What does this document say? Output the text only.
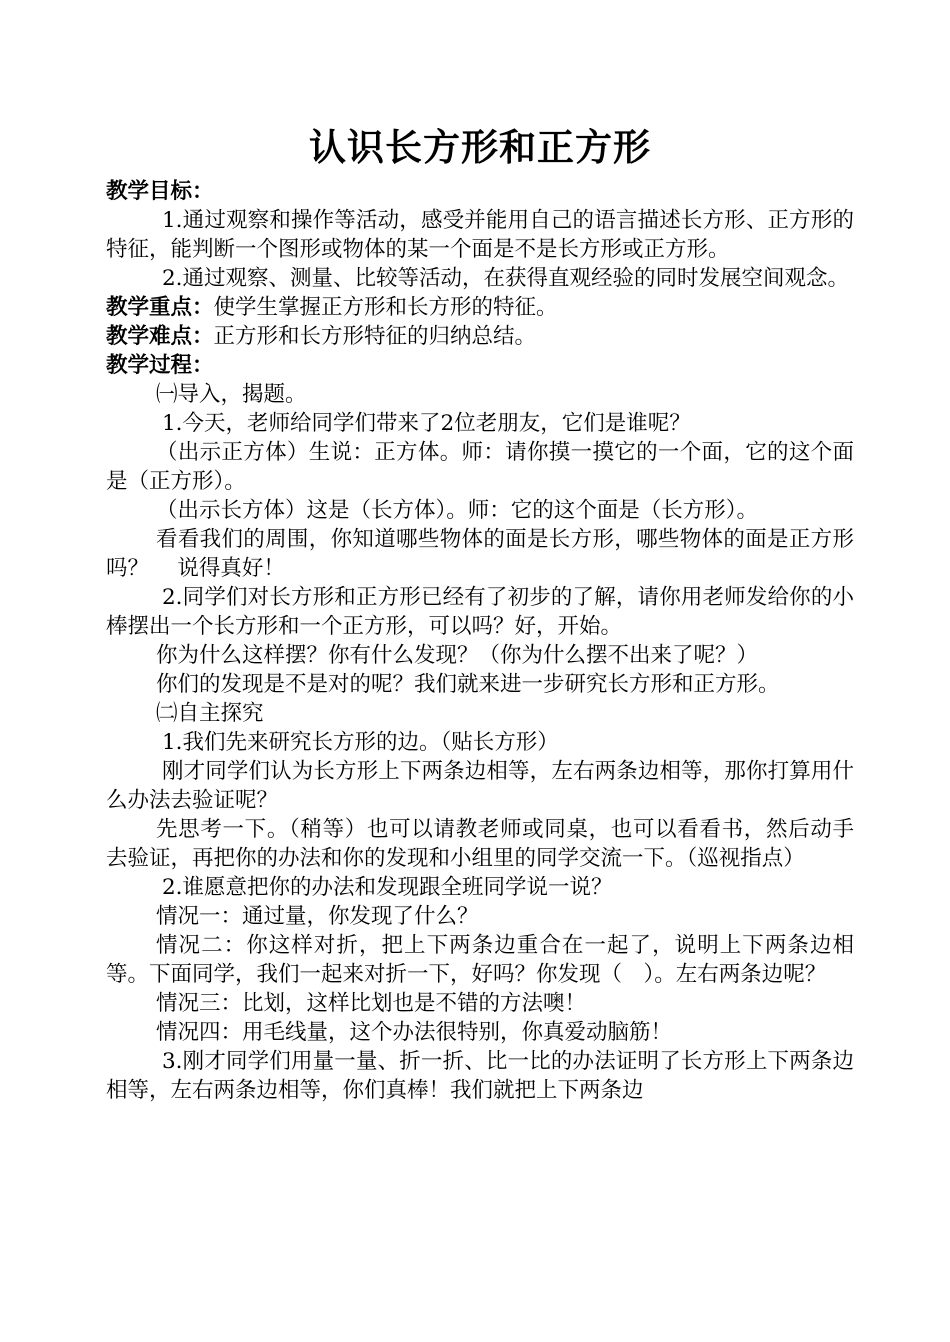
认识长方形和正方形

教学目标：

1.通过观察和操作等活动，感受并能用自己的语言描述长方形、正方形的特征，能判断一个图形或物体的某一个面是不是长方形或正方形。

2.通过观察、测量、比较等活动，在获得直观经验的同时发展空间观念。

教学重点：使学生掌握正方形和长方形的特征。

教学难点：正方形和长方形特征的归纳总结。

教学过程：

㈠导入，揭题。

1.今天，老师给同学们带来了2位老朋友，它们是谁呢？

（出示正方体）生说：正方体。师：请你摸一摸它的一个面，它的这个面是（正方形）。

（出示长方体）这是（长方体）。师：它的这个面是（长方形）。

看看我们的周围，你知道哪些物体的面是长方形，哪些物体的面是正方形吗？　 说得真好！

2.同学们对长方形和正方形已经有了初步的了解，请你用老师发给你的小棒摆出一个长方形和一个正方形，可以吗？好，开始。

你为什么这样摆？你有什么发现？（你为什么摆不出来了呢？）

你们的发现是不是对的呢？我们就来进一步研究长方形和正方形。

㈡自主探究

1.我们先来研究长方形的边。（贴长方形）

刚才同学们认为长方形上下两条边相等，左右两条边相等，那你打算用什么办法去验证呢？

先思考一下。（稍等）也可以请教老师或同桌，也可以看看书，然后动手去验证，再把你的办法和你的发现和小组里的同学交流一下。（巡视指点）

2.谁愿意把你的办法和发现跟全班同学说一说？

情况一：通过量，你发现了什么？

情况二：你这样对折，把上下两条边重合在一起了，说明上下两条边相等。下面同学，我们一起来对折一下，好吗？你发现（　）。左右两条边呢？

情况三：比划，这样比划也是不错的方法噢！

情况四：用毛线量，这个办法很特别，你真爱动脑筋！

3.刚才同学们用量一量、折一折、比一比的办法证明了长方形上下两条边相等，左右两条边相等，你们真棒！我们就把上下两条边
